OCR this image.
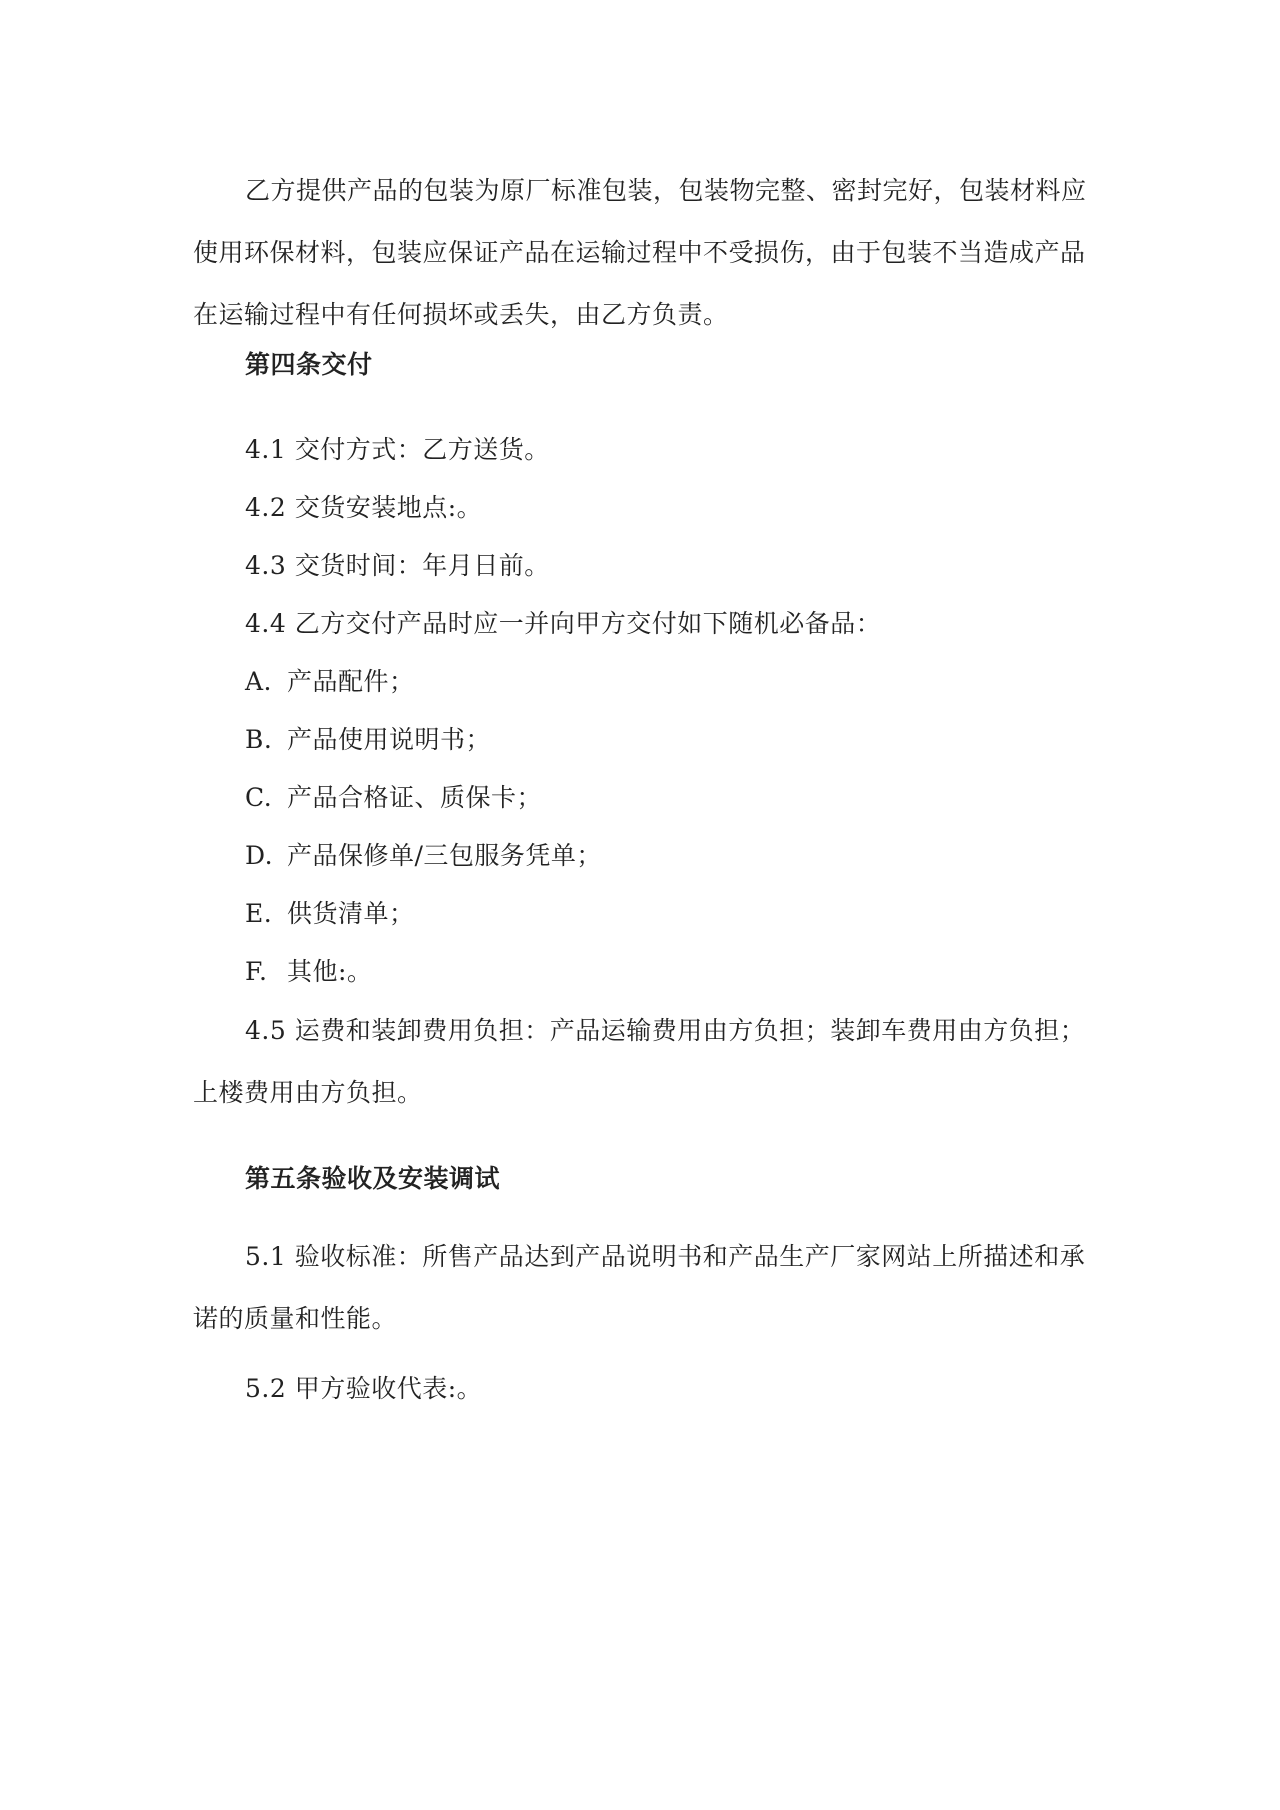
乙方提供产品的包装为原厂标准包装，包装物完整、密封完好，包装材料应使用环保材料，包装应保证产品在运输过程中不受损伤，由于包装不当造成产品在运输过程中有任何损坏或丢失，由乙方负责。

第四条交付
4.1 交付方式：乙方送货。
4.2 交货安装地点:。
4.3 交货时间：年月日前。
4.4 乙方交付产品时应一并向甲方交付如下随机必备品：
A. 产品配件；
B. 产品使用说明书；
C. 产品合格证、质保卡；
D. 产品保修单/三包服务凭单；
E. 供货清单；
F. 其他:。

4.5 运费和装卸费用负担：产品运输费用由方负担；装卸车费用由方负担；上楼费用由方负担。

第五条验收及安装调试

5.1 验收标准：所售产品达到产品说明书和产品生产厂家网站上所描述和承诺的质量和性能。

5.2 甲方验收代表:。
